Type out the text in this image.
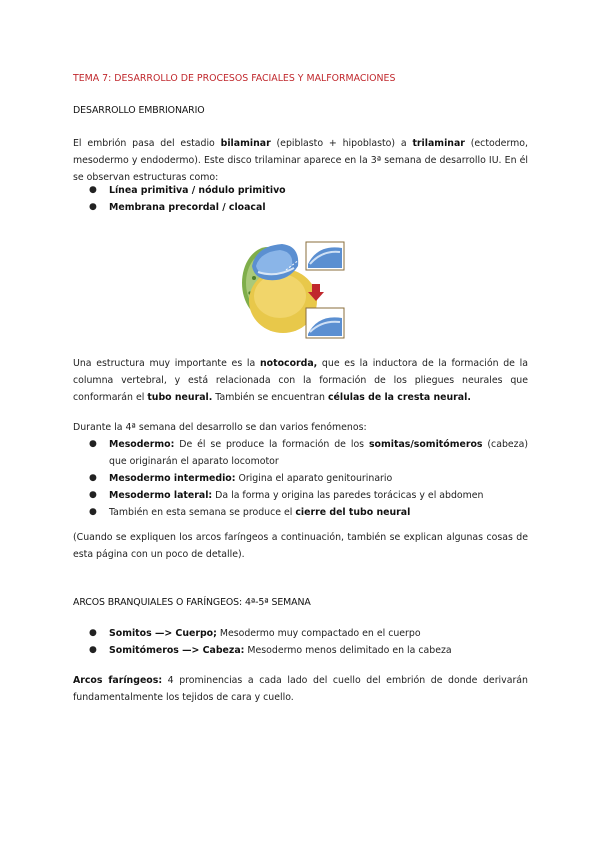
TEMA 7: DESARROLLO DE PROCESOS FACIALES Y MALFORMACIONES
DESARROLLO EMBRIONARIO

El embrión pasa del estadio bilaminar (epiblasto + hipoblasto) a trilaminar (ectodermo, mesodermo y endodermo). Este disco trilaminar aparece en la 3ª semana de desarrollo IU. En él se observan estructuras como:

● Línea primitiva / nódulo primitivo
● Membrana precordal / cloacal

Una estructura muy importante es la notocorda, que es la inductora de la formación de la columna vertebral, y está relacionada con la formación de los pliegues neurales que conformarán el tubo neural. También se encuentran células de la cresta neural.

Durante la 4ª semana del desarrollo se dan varios fenómenos:

● Mesodermo: De él se produce la formación de los somitas/somitómeros (cabeza) que originarán el aparato locomotor
● Mesodermo intermedio: Origina el aparato genitourinario
● Mesodermo lateral: Da la forma y origina las paredes torácicas y el abdomen
● También en esta semana se produce el cierre del tubo neural

(Cuando se expliquen los arcos faríngeos a continuación, también se explican algunas cosas de esta página con un poco de detalle).

ARCOS BRANQUIALES O FARÍNGEOS: 4ª-5ª SEMANA
● Somitos —> Cuerpo; Mesodermo muy compactado en el cuerpo
● Somitómeros —> Cabeza: Mesodermo menos delimitado en la cabeza

Arcos faríngeos: 4 prominencias a cada lado del cuello del embrión de donde derivarán fundamentalmente los tejidos de cara y cuello.
